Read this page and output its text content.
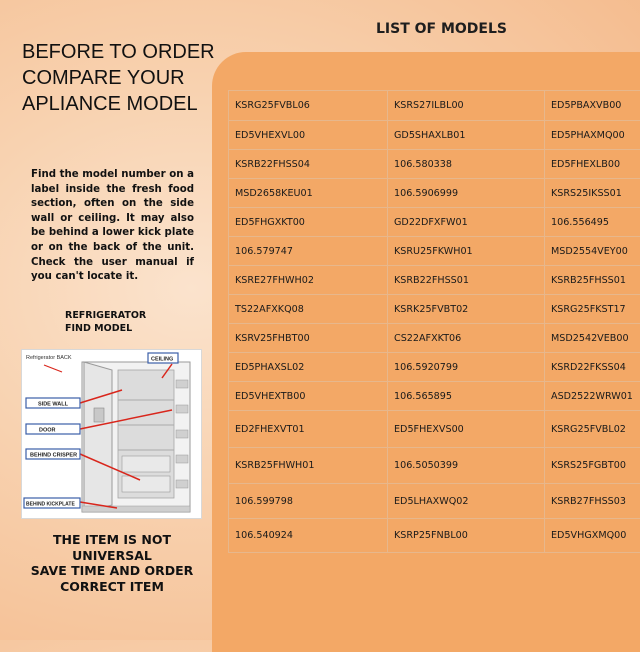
LIST OF MODELS
BEFORE TO ORDER
COMPARE YOUR
APLIANCE MODEL

Find the model number on a label inside the fresh food section, often on the side wall or ceiling. It may also be behind a lower kick plate or on the back of the unit. Check the user manual if you can't locate it.

REFRIGERATOR
FIND MODEL
Refrigerator BACK	CEILING
SIDE WALL
DOOR
BEHIND CRISPER
BEHIND KICKPLATE
THE ITEM IS NOT
UNIVERSAL
SAVE TIME AND ORDER
CORRECT ITEM
KSRG25FVBL06	KSRS27ILBL00	ED5PBAXVB00
ED5VHEXVL00	GD5SHAXLB01	ED5PHAXMQ00
KSRB22FHSS04	106.580338	ED5FHEXLB00
MSD2658KEU01	106.5906999	KSRS25IKSS01
ED5FHGXKT00	GD22DFXFW01	106.556495
106.579747	KSRU25FKWH01	MSD2554VEY00
KSRE27FHWH02	KSRB22FHSS01	KSRB25FHSS01
TS22AFXKQ08	KSRK25FVBT02	KSRG25FKST17
KSRV25FHBT00	CS22AFXKT06	MSD2542VEB00
ED5PHAXSL02	106.5920799	KSRD22FKSS04
ED5VHEXTB00	106.565895	ASD2522WRW01
ED2FHEXVT01	ED5FHEXVS00	KSRG25FVBL02
KSRB25FHWH01	106.5050399	KSRS25FGBT00
106.599798	ED5LHAXWQ02	KSRB27FHSS03
106.540924	KSRP25FNBL00	ED5VHGXMQ00
